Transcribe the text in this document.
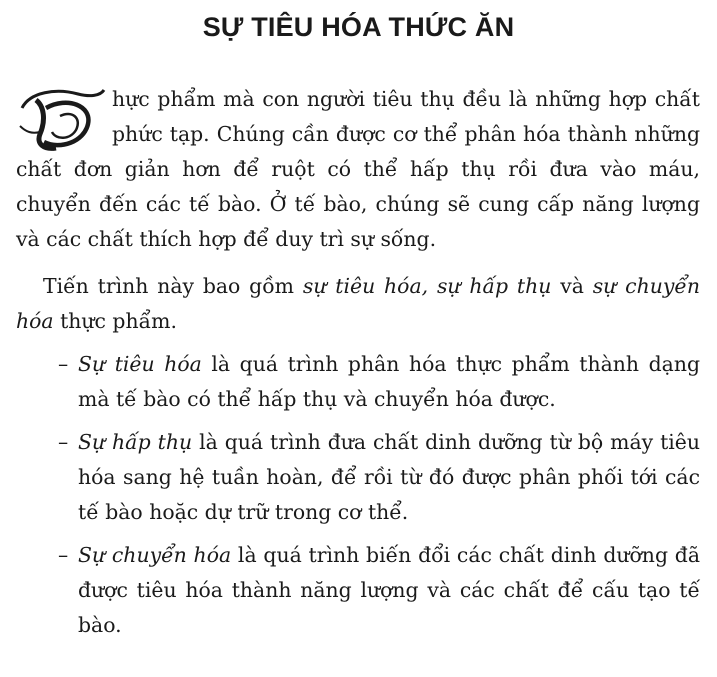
SỰ TIÊU HÓA THỨC ĂN

hực phẩm mà con người tiêu thụ đều là những hợp chất phức tạp. Chúng cần được cơ thể phân hóa thành những chất đơn giản hơn để ruột có thể hấp thụ rồi đưa vào máu, chuyển đến các tế bào. Ở tế bào, chúng sẽ cung cấp năng lượng và các chất thích hợp để duy trì sự sống.

Tiến trình này bao gồm sự tiêu hóa, sự hấp thụ và sự chuyển hóa thực phẩm.

– Sự tiêu hóa là quá trình phân hóa thực phẩm thành dạng mà tế bào có thể hấp thụ và chuyển hóa được.
– Sự hấp thụ là quá trình đưa chất dinh dưỡng từ bộ máy tiêu hóa sang hệ tuần hoàn, để rồi từ đó được phân phối tới các tế bào hoặc dự trữ trong cơ thể.
– Sự chuyển hóa là quá trình biến đổi các chất dinh dưỡng đã được tiêu hóa thành năng lượng và các chất để cấu tạo tế bào.
